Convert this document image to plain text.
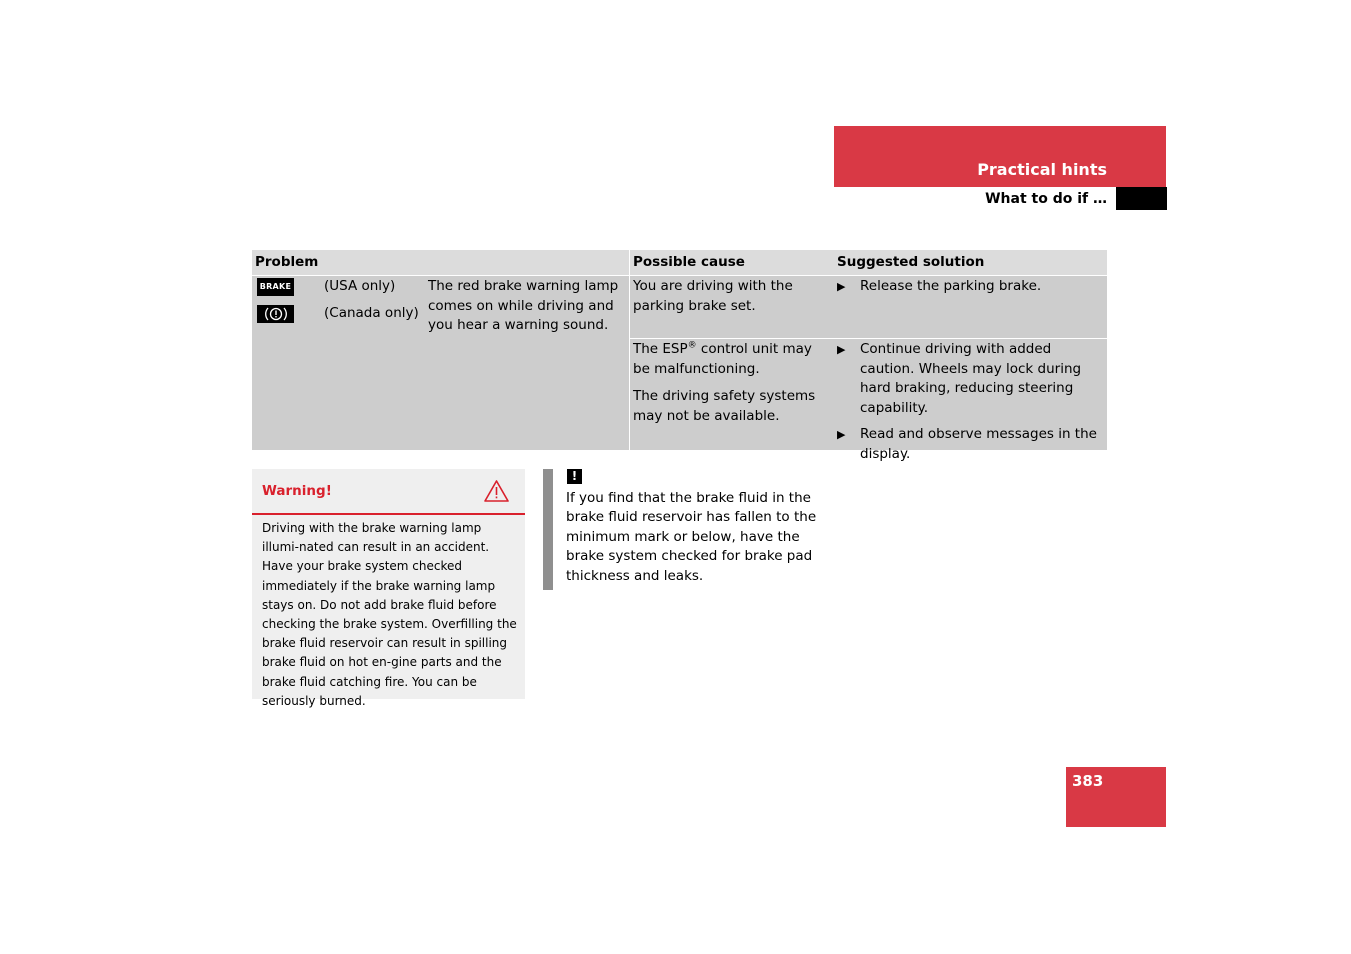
Practical hints
What to do if …
Problem	Possible cause	Suggested solution
BRAKE (USA only)
(Canada only)
The red brake warning lamp comes on while driving and you hear a warning sound.
You are driving with the parking brake set.
▶ Release the parking brake.
The ESP® control unit may be malfunctioning.
The driving safety systems may not be available.
▶ Continue driving with added caution. Wheels may lock during hard braking, reducing steering capability.
▶ Read and observe messages in the display.
Warning!
Driving with the brake warning lamp illumi-nated can result in an accident. Have your brake system checked immediately if the brake warning lamp stays on. Do not add brake fluid before checking the brake system. Overfilling the brake fluid reservoir can result in spilling brake fluid on hot en-gine parts and the brake fluid catching fire. You can be seriously burned.
!
If you find that the brake fluid in the brake fluid reservoir has fallen to the minimum mark or below, have the brake system checked for brake pad thickness and leaks.
383
